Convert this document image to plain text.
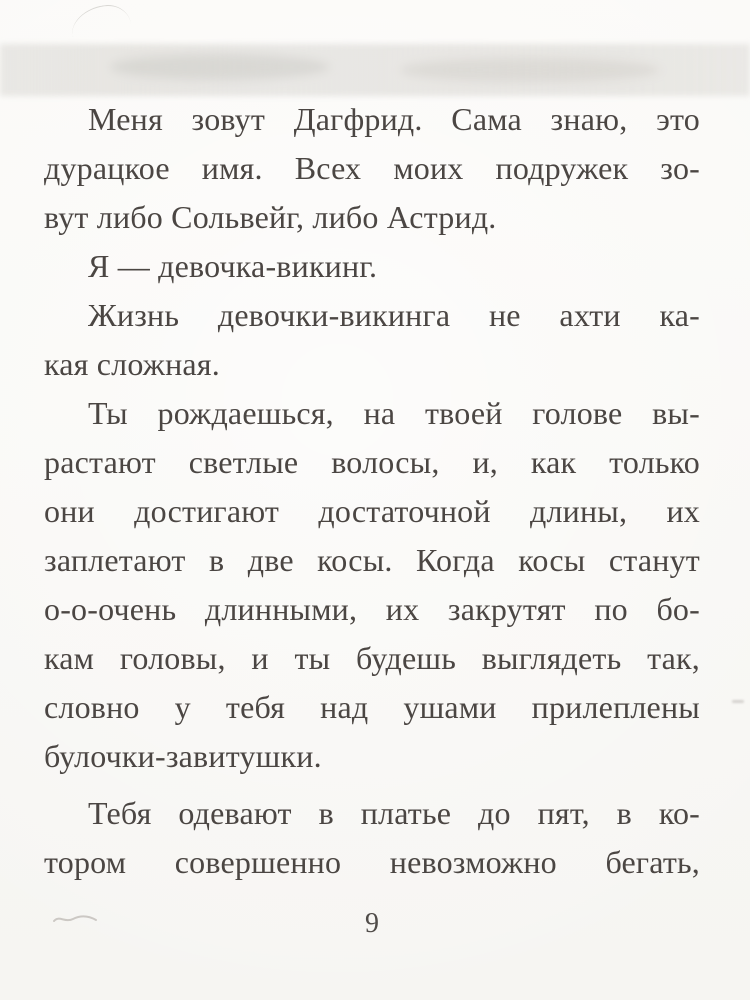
Меня зовут Дагфрид. Сама знаю, это

дурацкое имя. Всех моих подружек зо-

вут либо Сольвейг, либо Астрид.

Я — девочка-викинг.

Жизнь девочки-викинга не ахти ка-

кая сложная.

Ты рождаешься, на твоей голове вы-

растают светлые волосы, и, как только

они достигают достаточной длины, их

заплетают в две косы. Когда косы станут

о-о-очень длинными, их закрутят по бо-

кам головы, и ты будешь выглядеть так,

словно у тебя над ушами прилеплены

булочки-завитушки.

Тебя одевают в платье до пят, в ко-

тором совершенно невозможно бегать,

9
